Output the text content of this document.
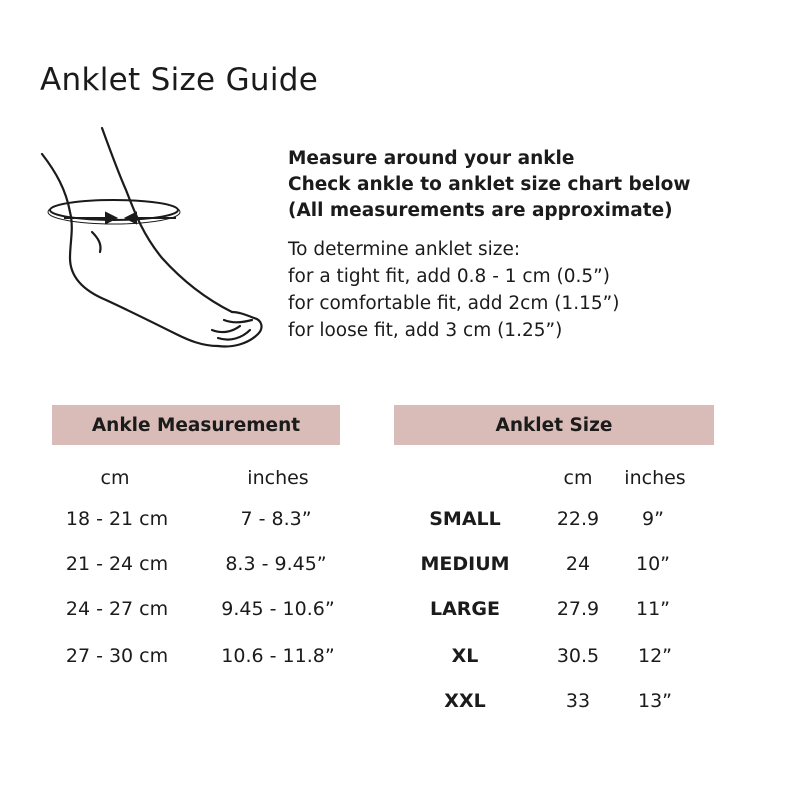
Anklet Size Guide
Measure around your ankle
Check ankle to anklet size chart below
(All measurements are approximate)
To determine anklet size:
for a tight fit, add 0.8 - 1 cm (0.5”)
for comfortable fit, add 2cm (1.15”)
for loose fit, add 3 cm (1.25”)
Ankle Measurement
cm	inches
18 - 21 cm	7 - 8.3”
21 - 24 cm	8.3 - 9.45”
24 - 27 cm	9.45 - 10.6”
27 - 30 cm	10.6 - 11.8”
Anklet Size
cm inches
SMALL	22.9 9”
MEDIUM	24 10”
LARGE	27.9 11”
XL	30.5 12”
XXL	33	13”
